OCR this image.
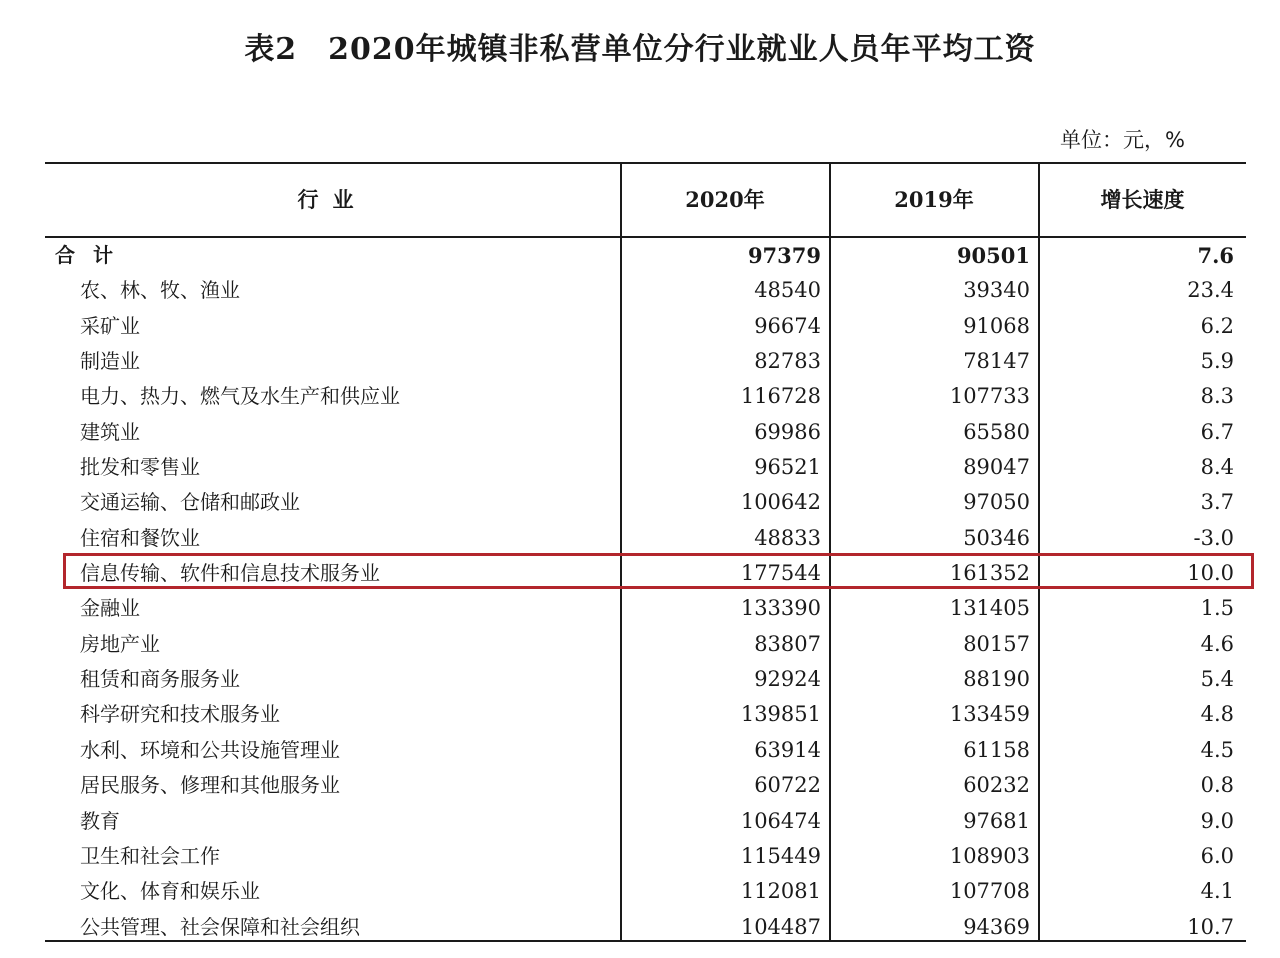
表2　2020年城镇非私营单位分行业就业人员年平均工资
单位：元，%
行业	2020年	2019年	增长速度
合计	97379	90501	7.6
农、林、牧、渔业	48540	39340	23.4
采矿业	96674	91068	6.2
制造业	82783	78147	5.9
电力、热力、燃气及水生产和供应业	116728	107733	8.3
建筑业	69986	65580	6.7
批发和零售业	96521	89047	8.4
交通运输、仓储和邮政业	100642	97050	3.7
住宿和餐饮业	48833	50346	-3.0
信息传输、软件和信息技术服务业	177544	161352	10.0
金融业	133390	131405	1.5
房地产业	83807	80157	4.6
租赁和商务服务业	92924	88190	5.4
科学研究和技术服务业	139851	133459	4.8
水利、环境和公共设施管理业	63914	61158	4.5
居民服务、修理和其他服务业	60722	60232	0.8
教育	106474	97681	9.0
卫生和社会工作	115449	108903	6.0
文化、体育和娱乐业	112081	107708	4.1
公共管理、社会保障和社会组织	104487	94369	10.7
